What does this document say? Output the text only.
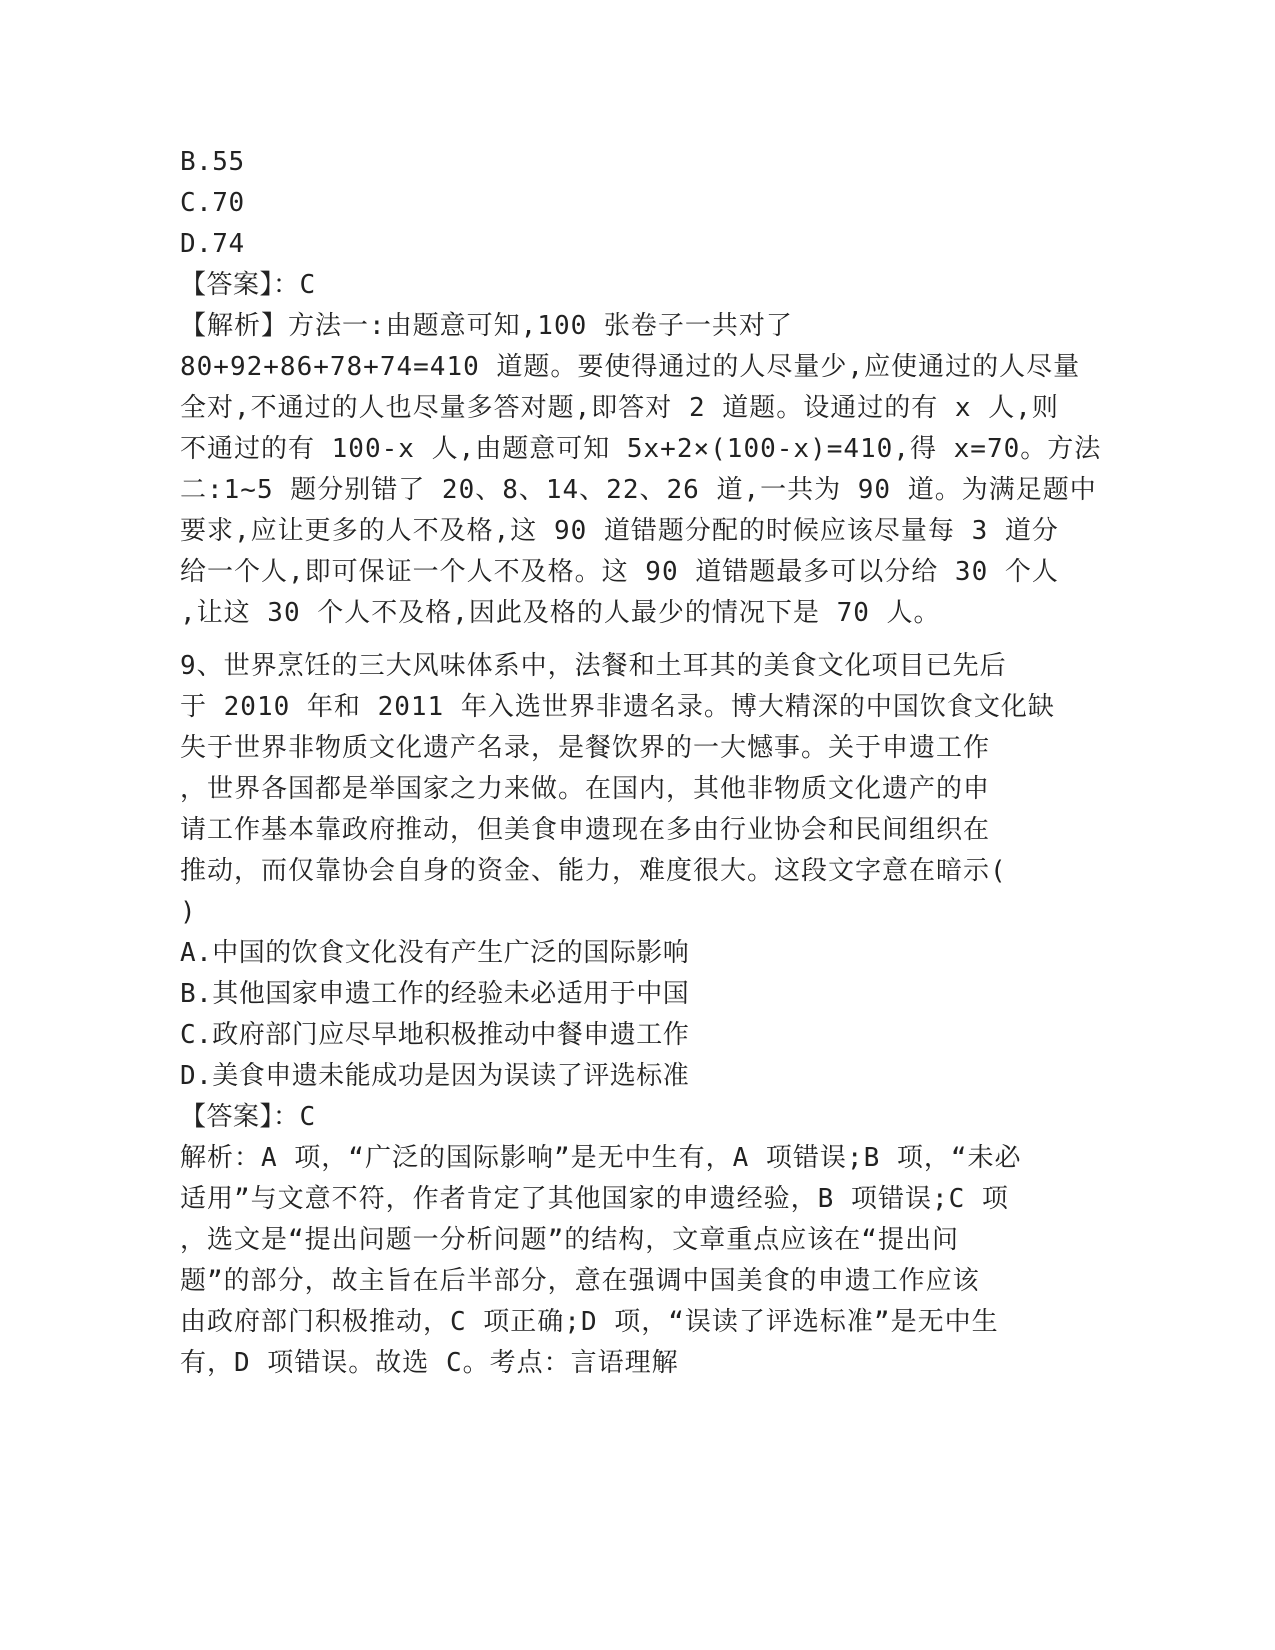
B.55
C.70
D.74
【答案】：C
【解析】方法一:由题意可知,100 张卷子一共对了
80+92+86+78+74=410 道题。要使得通过的人尽量少,应使通过的人尽量
全对,不通过的人也尽量多答对题,即答对 2 道题。设通过的有 x 人,则
不通过的有 100-x 人,由题意可知 5x+2×(100-x)=410,得 x=70。方法
二:1~5 题分别错了 20、8、14、22、26 道,一共为 90 道。为满足题中
要求,应让更多的人不及格,这 90 道错题分配的时候应该尽量每 3 道分
给一个人,即可保证一个人不及格。这 90 道错题最多可以分给 30 个人
,让这 30 个人不及格,因此及格的人最少的情况下是 70 人。
9、世界烹饪的三大风味体系中，法餐和土耳其的美食文化项目已先后
于 2010 年和 2011 年入选世界非遗名录。博大精深的中国饮食文化缺
失于世界非物质文化遗产名录，是餐饮界的一大憾事。关于申遗工作
，世界各国都是举国家之力来做。在国内，其他非物质文化遗产的申
请工作基本靠政府推动，但美食申遗现在多由行业协会和民间组织在
推动，而仅靠协会自身的资金、能力，难度很大。这段文字意在暗示(
)
A.中国的饮食文化没有产生广泛的国际影响
B.其他国家申遗工作的经验未必适用于中国
C.政府部门应尽早地积极推动中餐申遗工作
D.美食申遗未能成功是因为误读了评选标准
【答案】：C
解析：A 项，“广泛的国际影响”是无中生有，A 项错误;B 项，“未必
适用”与文意不符，作者肯定了其他国家的申遗经验，B 项错误;C 项
，选文是“提出问题一分析问题”的结构，文章重点应该在“提出问
题”的部分，故主旨在后半部分，意在强调中国美食的申遗工作应该
由政府部门积极推动，C 项正确;D 项，“误读了评选标准”是无中生
有，D 项错误。故选 C。考点：言语理解
